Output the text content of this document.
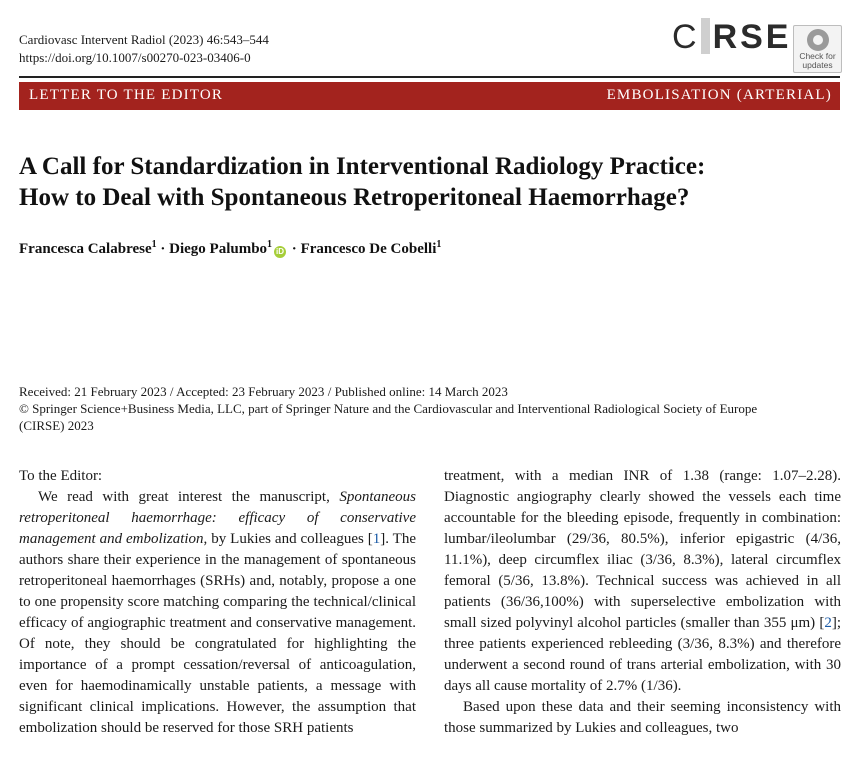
Cardiovasc Intervent Radiol (2023) 46:543–544
https://doi.org/10.1007/s00270-023-03406-0
C RSE Check for
updates
LETTER TO THE EDITOR	EMBOLISATION (ARTERIAL)
A Call for Standardization in Interventional Radiology Practice:
How to Deal with Spontaneous Retroperitoneal Haemorrhage?
Francesca Calabrese$^1$ · Diego Palumbo$^1$iD · Francesco De Cobelli$^1$
Received: 21 February 2023 / Accepted: 23 February 2023 / Published online: 14 March 2023
© Springer Science+Business Media, LLC, part of Springer Nature and the Cardiovascular and Interventional Radiological Society of Europe
(CIRSE) 2023

To the Editor:

We read with great interest the manuscript, Spontaneous retroperitoneal haemorrhage: efficacy of conservative management and embolization, by Lukies and colleagues [1]. The authors share their experience in the management of spontaneous retroperitoneal haemorrhages (SRHs) and, notably, propose a one to one propensity score matching comparing the technical/clinical efficacy of angiographic treatment and conservative management. Of note, they should be congratulated for highlighting the importance of a prompt cessation/reversal of anticoagulation, even for haemodinamically unstable patients, a message with significant clinical implications. However, the assumption that embolization should be reserved for those SRH patients

treatment, with a median INR of 1.38 (range: 1.07–2.28). Diagnostic angiography clearly showed the vessels each time accountable for the bleeding episode, frequently in combination: lumbar/ileolumbar (29/36, 80.5%), inferior epigastric (4/36, 11.1%), deep circumflex iliac (3/36, 8.3%), lateral circumflex femoral (5/36, 13.8%). Technical success was achieved in all patients (36/36,100%) with superselective embolization with small sized polyvinyl alcohol particles (smaller than 355 μm) [2]; three patients experienced rebleeding (3/36, 8.3%) and therefore underwent a second round of trans arterial embolization, with 30 days all cause mortality of 2.7% (1/36).

Based upon these data and their seeming inconsistency with those summarized by Lukies and colleagues, two
